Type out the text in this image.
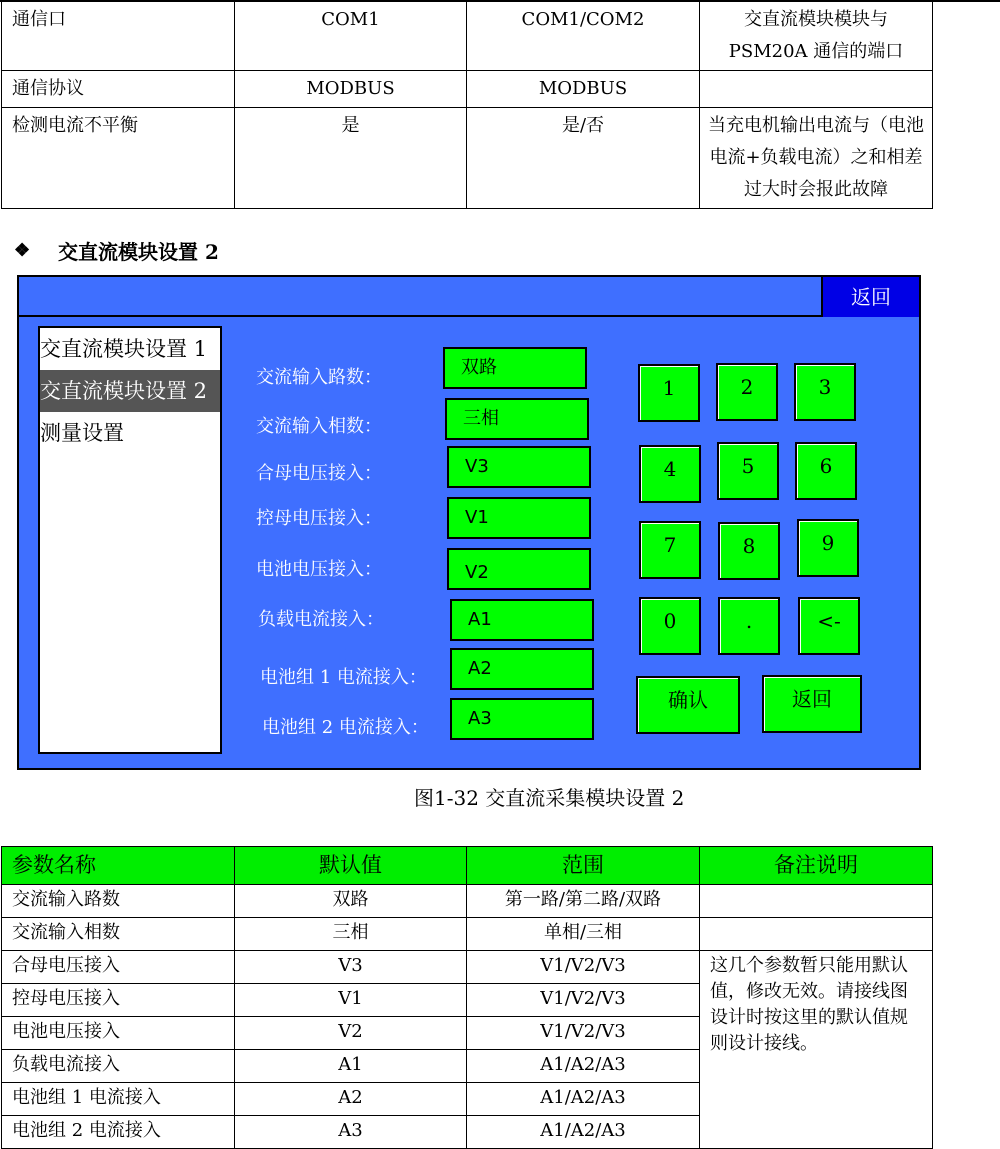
通信口	COM1	COM1/COM2	交直流模块模块与PSM20A 通信的端口
通信协议	MODBUS	MODBUS	
检测电流不平衡	是	是/否	当充电机输出电流与（电池电流+负载电流）之和相差过大时会报此故障
❖	交直流模块设置 2
返回
交直流模块设置 1
交直流模块设置 2
测量设置
交流输入路数：
交流输入相数：
合母电压接入：
控母电压接入：
电池电压接入：
负载电流接入：
电池组 1 电流接入：
电池组 2 电流接入：
双路
三相
V3
V1
V2
A1
A2
A3
1	2	3
4	5	6
7	8	9
0	.	<-
确认	返回
图1-32 交直流采集模块设置 2
参数名称	默认值	范围	备注说明
交流输入路数	双路	第一路/第二路/双路	
交流输入相数	三相	单相/三相	
合母电压接入	V3	V1/V2/V3	这几个参数暂只能用默认值，修改无效。请接线图设计时按这里的默认值规则设计接线。
控母电压接入	V1	V1/V2/V3	
电池电压接入	V2	V1/V2/V3	
负载电流接入	A1	A1/A2/A3	
电池组 1 电流接入	A2	A1/A2/A3	
电池组 2 电流接入	A3	A1/A2/A3	
